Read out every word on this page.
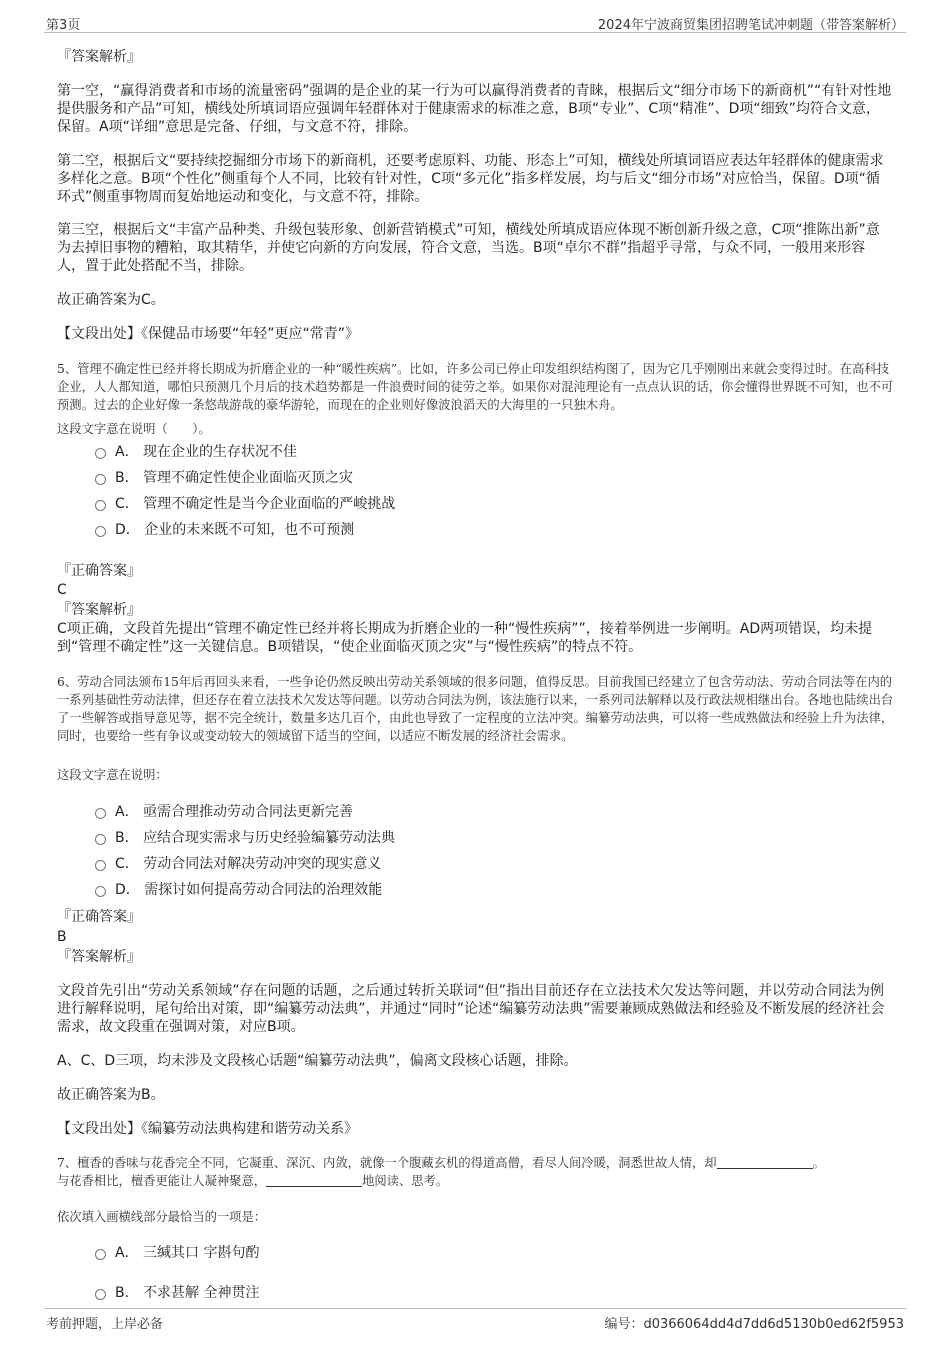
第3页	2024年宁波商贸集团招聘笔试冲刺题（带答案解析）
『答案解析』
第一空，“赢得消费者和市场的流量密码”强调的是企业的某一行为可以赢得消费者的青睐，根据后文“细分市场下的新商机”“有针对性地提供服务和产品”可知，横线处所填词语应强调年轻群体对于健康需求的标准之意，B项“专业”、C项“精准”、D项“细致”均符合文意，保留。A项“详细”意思是完备、仔细，与文意不符，排除。
第二空，根据后文“要持续挖掘细分市场下的新商机，还要考虑原料、功能、形态上”可知，横线处所填词语应表达年轻群体的健康需求多样化之意。B项“个性化”侧重每个人不同，比较有针对性，C项“多元化”指多样发展，均与后文“细分市场”对应恰当，保留。D项“循环式”侧重事物周而复始地运动和变化，与文意不符，排除。
第三空，根据后文“丰富产品种类、升级包装形象、创新营销模式”可知，横线处所填成语应体现不断创新升级之意，C项“推陈出新”意为去掉旧事物的糟粕，取其精华，并使它向新的方向发展，符合文意，当选。B项“卓尔不群”指超乎寻常，与众不同，一般用来形容人，置于此处搭配不当，排除。
故正确答案为C。
【文段出处】《保健品市场要“年轻”更应“常青”》
5、管理不确定性已经并将长期成为折磨企业的一种“暖性疾病”。比如，许多公司已停止印发组织结构图了，因为它几乎刚刚出来就会变得过时。在高科技企业，人人都知道，哪怕只预测几个月后的技术趋势都是一件浪费时间的徒劳之举。如果你对混沌理论有一点点认识的话，你会懂得世界既不可知，也不可预测。过去的企业好像一条悠哉游哉的豪华游轮，而现在的企业则好像波浪滔天的大海里的一只独木舟。
这段文字意在说明（　　）。
A． 现在企业的生存状况不佳
B． 管理不确定性使企业面临灭顶之灾
C． 管理不确定性是当今企业面临的严峻挑战
D． 企业的未来既不可知，也不可预测
『正确答案』
C
『答案解析』
C项正确，文段首先提出“管理不确定性已经并将长期成为折磨企业的一种“慢性疾病””，接着举例进一步阐明。AD两项错误，均未提到“管理不确定性”这一关键信息。B项错误，“使企业面临灭顶之灾”与“慢性疾病”的特点不符。
6、劳动合同法颁布15年后再回头来看，一些争论仍然反映出劳动关系领域的很多问题，值得反思。目前我国已经建立了包含劳动法、劳动合同法等在内的一系列基础性劳动法律，但还存在着立法技术欠发达等问题。以劳动合同法为例，该法施行以来，一系列司法解释以及行政法规相继出台。各地也陆续出台了一些解答或指导意见等，据不完全统计，数量多达几百个，由此也导致了一定程度的立法冲突。编纂劳动法典，可以将一些成熟做法和经验上升为法律，同时，也要给一些有争议或变动较大的领域留下适当的空间，以适应不断发展的经济社会需求。
这段文字意在说明：
A． 亟需合理推动劳动合同法更新完善
B． 应结合现实需求与历史经验编纂劳动法典
C． 劳动合同法对解决劳动冲突的现实意义
D． 需探讨如何提高劳动合同法的治理效能
『正确答案』
B
『答案解析』
文段首先引出“劳动关系领域”存在问题的话题，之后通过转折关联词“但”指出目前还存在立法技术欠发达等问题，并以劳动合同法为例进行解释说明，尾句给出对策，即“编纂劳动法典”，并通过“同时”论述“编纂劳动法典”需要兼顾成熟做法和经验及不断发展的经济社会需求，故文段重在强调对策，对应B项。
A、C、D三项，均未涉及文段核心话题“编纂劳动法典”，偏离文段核心话题，排除。
故正确答案为B。
【文段出处】《编纂劳动法典构建和谐劳动关系》
7、檀香的香味与花香完全不同，它凝重、深沉、内敛，就像一个腹藏玄机的得道高僧，看尽人间冷暖，洞悉世故人情，却	。
与花香相比，檀香更能让人凝神聚意，	地阅读、思考。
依次填入画横线部分最恰当的一项是：
A． 三缄其口 字斟句酌
B． 不求甚解 全神贯注
考前押题，上岸必备	编号：d0366064dd4d7dd6d5130b0ed62f5953
